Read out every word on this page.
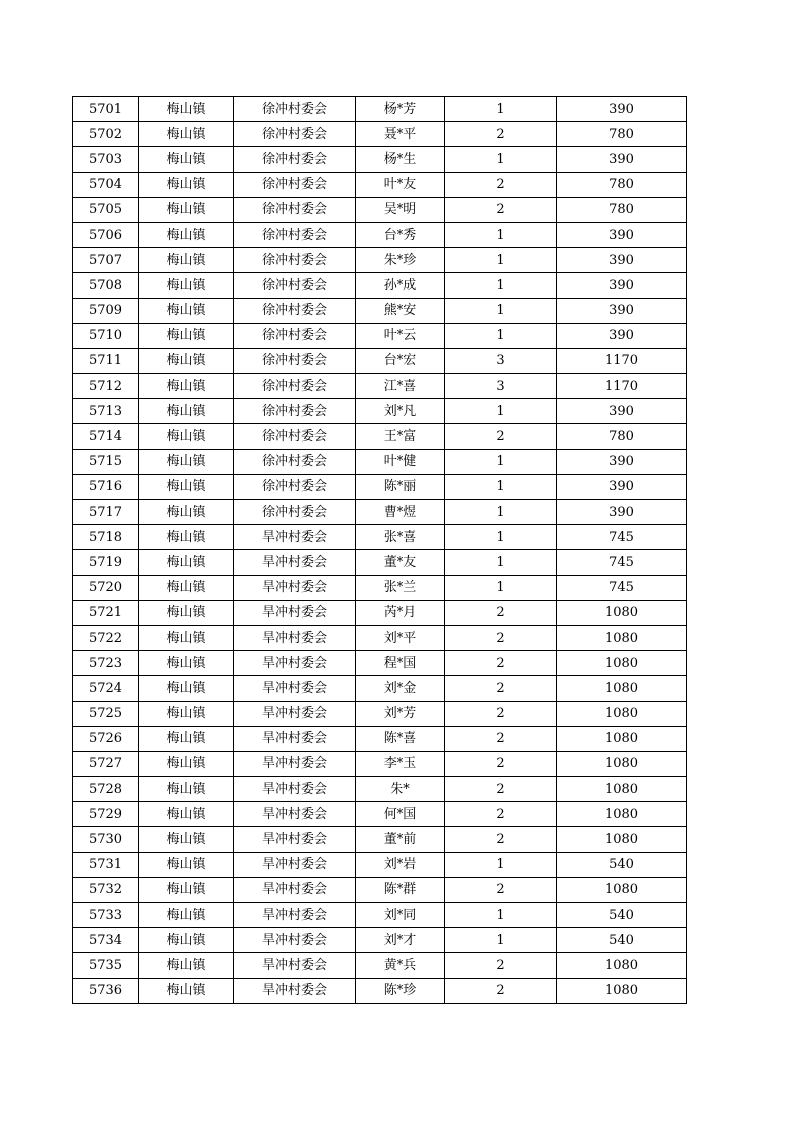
5701	梅山镇	徐冲村委会	杨*芳	1	390
5702	梅山镇	徐冲村委会	聂*平	2	780
5703	梅山镇	徐冲村委会	杨*生	1	390
5704	梅山镇	徐冲村委会	叶*友	2	780
5705	梅山镇	徐冲村委会	吴*明	2	780
5706	梅山镇	徐冲村委会	台*秀	1	390
5707	梅山镇	徐冲村委会	朱*珍	1	390
5708	梅山镇	徐冲村委会	孙*成	1	390
5709	梅山镇	徐冲村委会	熊*安	1	390
5710	梅山镇	徐冲村委会	叶*云	1	390
5711	梅山镇	徐冲村委会	台*宏	3	1170
5712	梅山镇	徐冲村委会	江*喜	3	1170
5713	梅山镇	徐冲村委会	刘*凡	1	390
5714	梅山镇	徐冲村委会	王*富	2	780
5715	梅山镇	徐冲村委会	叶*健	1	390
5716	梅山镇	徐冲村委会	陈*丽	1	390
5717	梅山镇	徐冲村委会	曹*煜	1	390
5718	梅山镇	旱冲村委会	张*喜	1	745
5719	梅山镇	旱冲村委会	董*友	1	745
5720	梅山镇	旱冲村委会	张*兰	1	745
5721	梅山镇	旱冲村委会	芮*月	2	1080
5722	梅山镇	旱冲村委会	刘*平	2	1080
5723	梅山镇	旱冲村委会	程*国	2	1080
5724	梅山镇	旱冲村委会	刘*金	2	1080
5725	梅山镇	旱冲村委会	刘*芳	2	1080
5726	梅山镇	旱冲村委会	陈*喜	2	1080
5727	梅山镇	旱冲村委会	李*玉	2	1080
5728	梅山镇	旱冲村委会	朱*	2	1080
5729	梅山镇	旱冲村委会	何*国	2	1080
5730	梅山镇	旱冲村委会	董*前	2	1080
5731	梅山镇	旱冲村委会	刘*岩	1	540
5732	梅山镇	旱冲村委会	陈*群	2	1080
5733	梅山镇	旱冲村委会	刘*同	1	540
5734	梅山镇	旱冲村委会	刘*才	1	540
5735	梅山镇	旱冲村委会	黄*兵	2	1080
5736	梅山镇	旱冲村委会	陈*珍	2	1080
